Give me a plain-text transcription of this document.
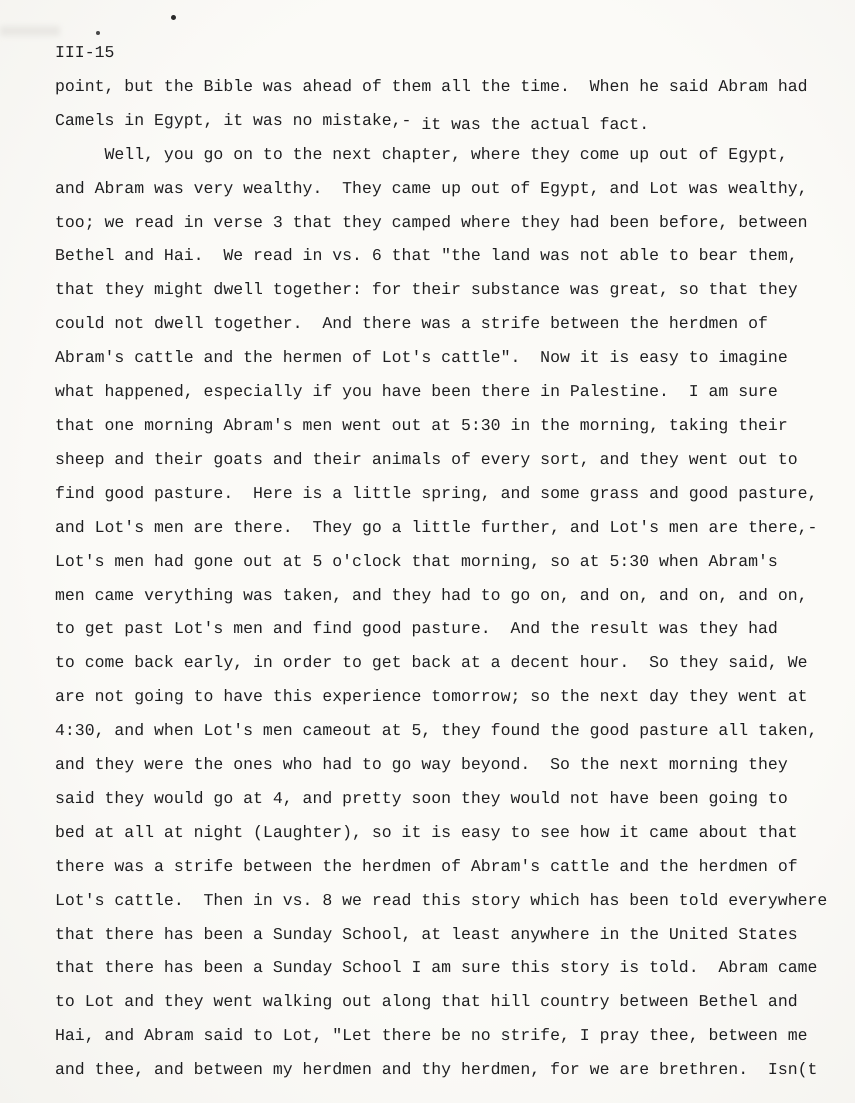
III-15
point, but the Bible was ahead of them all the time.  When he said Abram had
Camels in Egypt, it was no mistake,- it was the actual fact.
Well, you go on to the next chapter, where they come up out of Egypt,
and Abram was very wealthy.  They came up out of Egypt, and Lot was wealthy,
too; we read in verse 3 that they camped where they had been before, between
Bethel and Hai.  We read in vs. 6 that "the land was not able to bear them,
that they might dwell together: for their substance was great, so that they
could not dwell together.  And there was a strife between the herdmen of
Abram's cattle and the hermen of Lot's cattle".  Now it is easy to imagine
what happened, especially if you have been there in Palestine.  I am sure
that one morning Abram's men went out at 5:30 in the morning, taking their
sheep and their goats and their animals of every sort, and they went out to
find good pasture.  Here is a little spring, and some grass and good pasture,
and Lot's men are there.  They go a little further, and Lot's men are there,-
Lot's men had gone out at 5 o'clock that morning, so at 5:30 when Abram's
men came verything was taken, and they had to go on, and on, and on, and on,
to get past Lot's men and find good pasture.  And the result was they had
to come back early, in order to get back at a decent hour.  So they said, We
are not going to have this experience tomorrow; so the next day they went at
4:30, and when Lot's men cameout at 5, they found the good pasture all taken,
and they were the ones who had to go way beyond.  So the next morning they
said they would go at 4, and pretty soon they would not have been going to
bed at all at night (Laughter), so it is easy to see how it came about that
there was a strife between the herdmen of Abram's cattle and the herdmen of
Lot's cattle.  Then in vs. 8 we read this story which has been told everywhere
that there has been a Sunday School, at least anywhere in the United States
that there has been a Sunday School I am sure this story is told.  Abram came
to Lot and they went walking out along that hill country between Bethel and
Hai, and Abram said to Lot, "Let there be no strife, I pray thee, between me
and thee, and between my herdmen and thy herdmen, for we are brethren.  Isn(t
